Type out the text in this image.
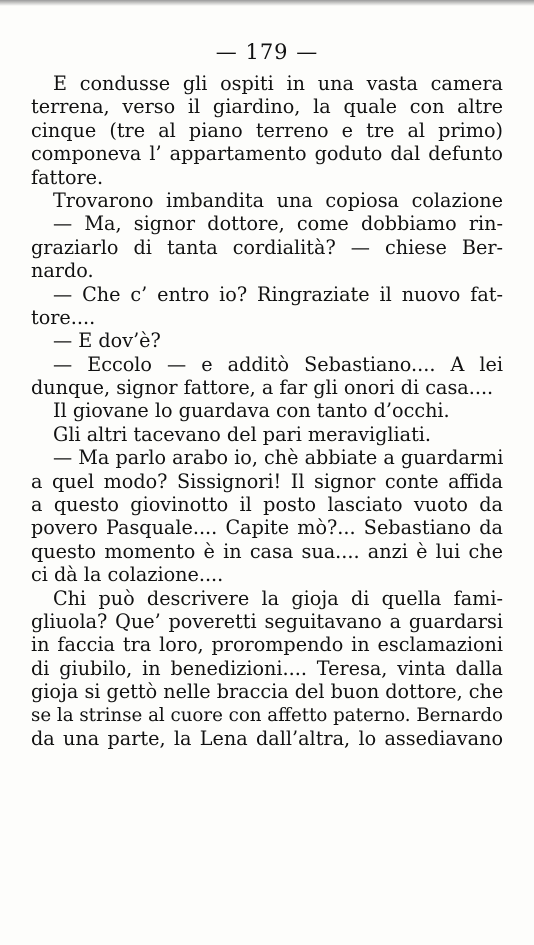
— 179 —
E condusse gli ospiti in una vasta camera
terrena, verso il giardino, la quale con altre
cinque (tre al piano terreno e tre al primo)
componeva l’ appartamento goduto dal defunto
fattore.
Trovarono imbandita una copiosa colazione
— Ma, signor dottore, come dobbiamo rin-
graziarlo di tanta cordialità? — chiese Ber-
nardo.
— Che c’ entro io? Ringraziate il nuovo fat-
tore....
— E dov’è?
— Eccolo — e additò Sebastiano.... A lei
dunque, signor fattore, a far gli onori di casa....
Il giovane lo guardava con tanto d’occhi.
Gli altri tacevano del pari meravigliati.
— Ma parlo arabo io, chè abbiate a guardarmi
a quel modo? Sissignori! Il signor conte affida
a questo giovinotto il posto lasciato vuoto da
povero Pasquale.... Capite mò?... Sebastiano da
questo momento è in casa sua.... anzi è lui che
ci dà la colazione....
Chi può descrivere la gioja di quella fami-
gliuola? Que’ poveretti seguitavano a guardarsi
in faccia tra loro, prorompendo in esclamazioni
di giubilo, in benedizioni.... Teresa, vinta dalla
gioja si gettò nelle braccia del buon dottore, che
se la strinse al cuore con affetto paterno. Bernardo
da una parte, la Lena dall’altra, lo assediavano
